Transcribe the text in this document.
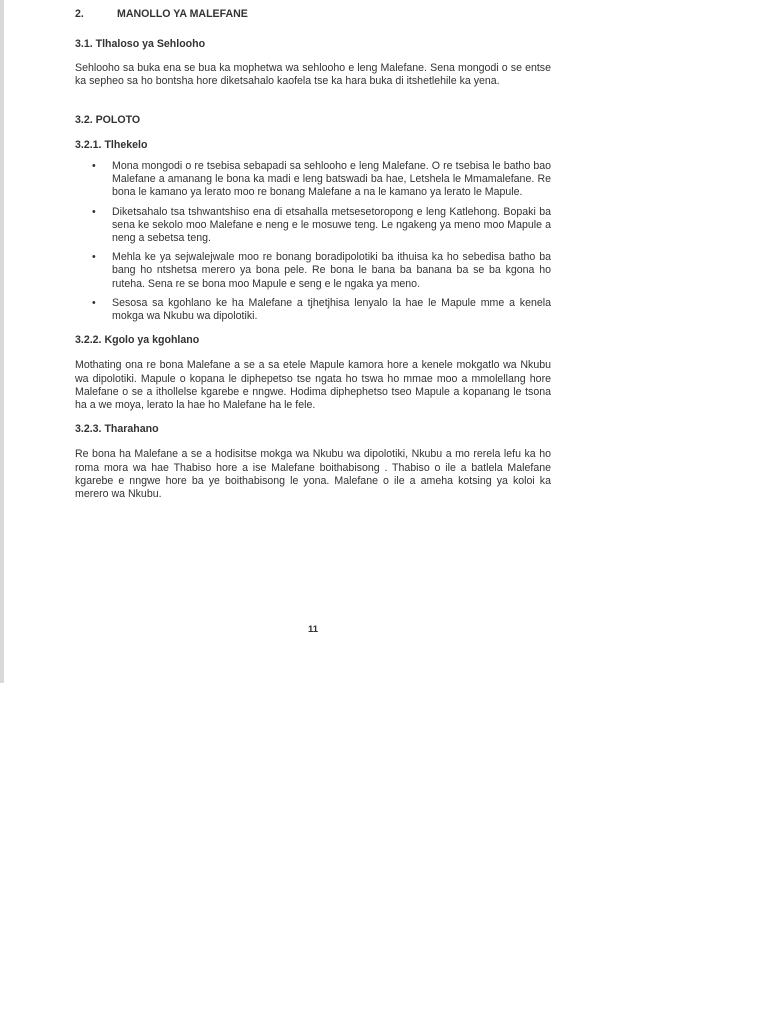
2.	MANOLLO YA MALEFANE
3.1. Tlhaloso ya Sehlooho

Sehlooho sa buka ena se bua ka mophetwa wa sehlooho e leng Malefane. Sena mongodi o se entse ka sepheo sa ho bontsha hore diketsahalo kaofela tse ka hara buka di itshetlehile ka yena.

3.2. POLOTO
3.2.1. Tlhekelo
• Mona mongodi o re tsebisa sebapadi sa sehlooho e leng Malefane. O re tsebisa le batho bao Malefane a amanang le bona ka madi e leng batswadi ba hae, Letshela le Mmamalefane. Re bona le kamano ya lerato moo re bonang Malefane a na le kamano ya lerato le Mapule.
• Diketsahalo tsa tshwantshiso ena di etsahalla metsesetoropong e leng Katlehong. Bopaki ba sena ke sekolo moo Malefane e neng e le mosuwe teng. Le ngakeng ya meno moo Mapule a neng a sebetsa teng.
• Mehla ke ya sejwalejwale moo re bonang boradipolotiki ba ithuisa ka ho sebedisa batho ba bang ho ntshetsa merero ya bona pele. Re bona le bana ba banana ba se ba kgona ho ruteha. Sena re se bona moo Mapule e seng e le ngaka ya meno.
• Sesosa sa kgohlano ke ha Malefane a tjhetjhisa lenyalo la hae le Mapule mme a kenela mokga wa Nkubu wa dipolotiki.
3.2.2. Kgolo ya kgohlano

Mothating ona re bona Malefane a se a sa etele Mapule kamora hore a kenele mokgatlo wa Nkubu wa dipolotiki. Mapule o kopana le diphepetso tse ngata ho tswa ho mmae moo a mmolellang hore Malefane o se a ithollelse kgarebe e nngwe. Hodima diphephetso tseo Mapule a kopanang le tsona ha a we moya, lerato la hae ho Malefane ha le fele.

3.2.3. Tharahano

Re bona ha Malefane a se a hodisitse mokga wa Nkubu wa dipolotiki, Nkubu a mo rerela lefu ka ho roma mora wa hae Thabiso hore a ise Malefane boithabisong . Thabiso o ile a batlela Malefane kgarebe e nngwe hore ba ye boithabisong le yona. Malefane o ile a ameha kotsing ya koloi ka merero wa Nkubu.

11
